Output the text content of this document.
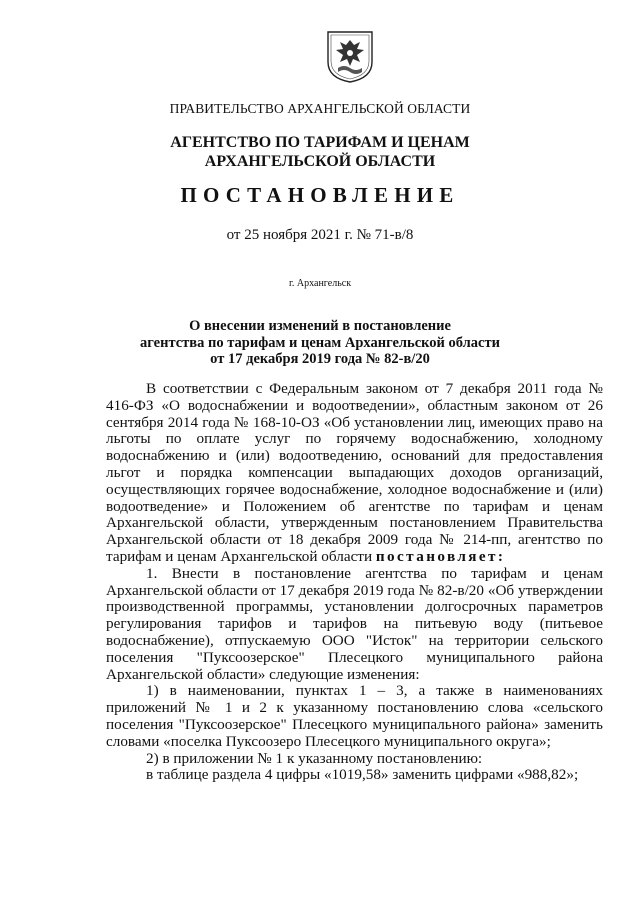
ПРАВИТЕЛЬСТВО АРХАНГЕЛЬСКОЙ ОБЛАСТИ
АГЕНТСТВО ПО ТАРИФАМ И ЦЕНАМ
АРХАНГЕЛЬСКОЙ ОБЛАСТИ
ПОСТАНОВЛЕНИЕ
от 25 ноября 2021 г. № 71-в/8
г. Архангельск
О внесении изменений в постановление
агентства по тарифам и ценам Архангельской области
от 17 декабря 2019 года № 82-в/20

В соответствии с Федеральным законом от 7 декабря 2011 года № 416-ФЗ «О водоснабжении и водоотведении», областным законом от 26 сентября 2014 года № 168-10-ОЗ «Об установлении лиц, имеющих право на льготы по оплате услуг по горячему водоснабжению, холодному водоснабжению и (или) водоотведению, оснований для предоставления льгот и порядка компенсации выпадающих доходов организаций, осуществляющих горячее водоснабжение, холодное водоснабжение и (или) водоотведение» и Положением об агентстве по тарифам и ценам Архангельской области, утвержденным постановлением Правительства Архангельской области от 18 декабря 2009 года № 214-пп, агентство по тарифам и ценам Архангельской области постановляет:

1. Внести в постановление агентства по тарифам и ценам Архангельской области от 17 декабря 2019 года № 82-в/20 «Об утверждении производственной программы, установлении долгосрочных параметров регулирования тарифов и тарифов на питьевую воду (питьевое водоснабжение), отпускаемую ООО "Исток" на территории сельского поселения "Пуксоозерское" Плесецкого муниципального района Архангельской области» следующие изменения:

1) в наименовании, пунктах 1 – 3, а также в наименованиях приложений № 1 и 2 к указанному постановлению слова «сельского поселения "Пуксоозерское" Плесецкого муниципального района» заменить словами «поселка Пуксоозеро Плесецкого муниципального округа»;

2) в приложении № 1 к указанному постановлению:

в таблице раздела 4 цифры «1019,58» заменить цифрами «988,82»;
